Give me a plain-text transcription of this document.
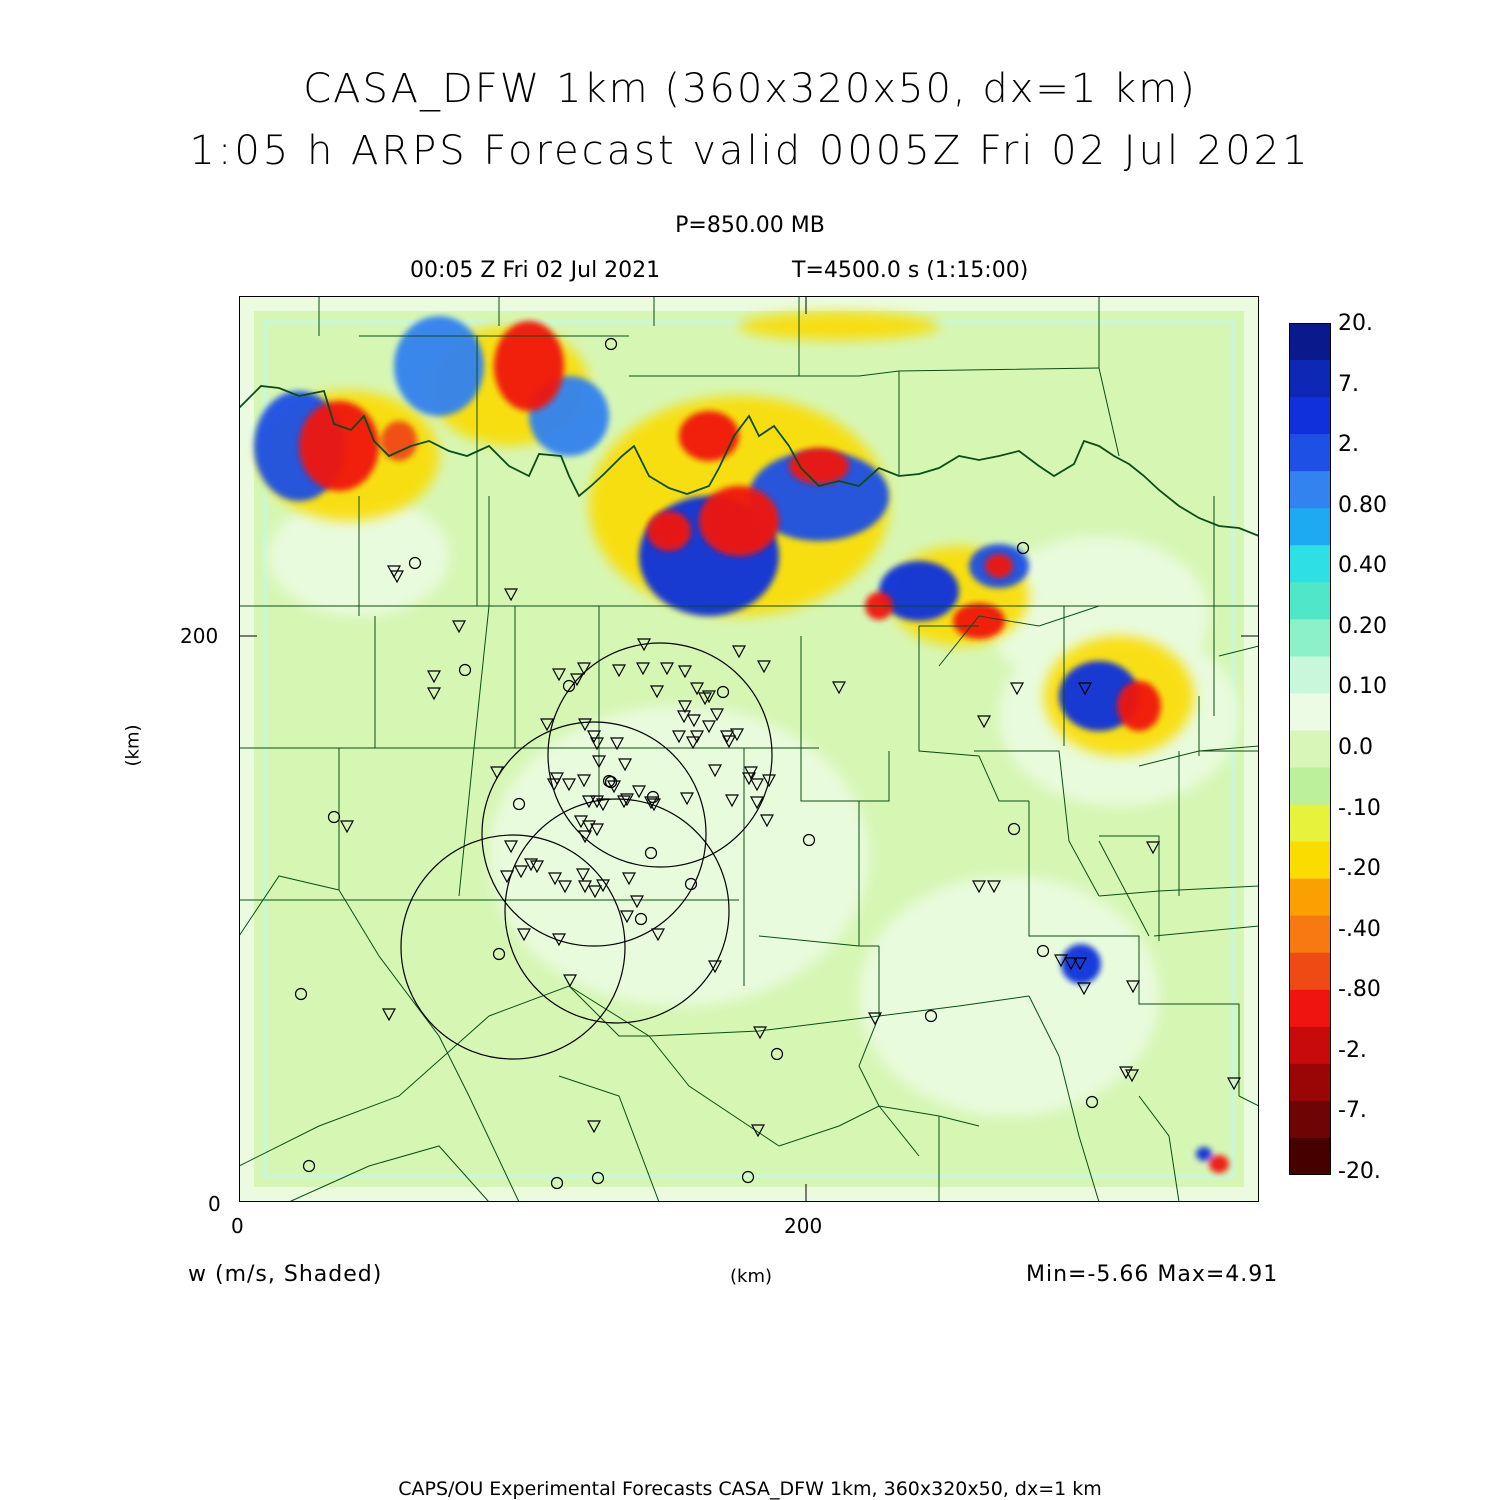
CASA_DFW 1km (360x320x50, dx=1 km)
1:05 h ARPS Forecast valid 0005Z Fri 02 Jul 2021
P=850.00 MB
00:05 Z Fri 02 Jul 2021	T=4500.0 s (1:15:00)
200
0
0	200
(km)
(km)
20.
7.
2.
0.80
0.40
0.20
0.10
0.0
-.10
-.20
-.40
-.80
-2.
-7.
-20.
w (m/s, Shaded)	Min=-5.66 Max=4.91
CAPS/OU Experimental Forecasts CASA_DFW 1km, 360x320x50, dx=1 km
